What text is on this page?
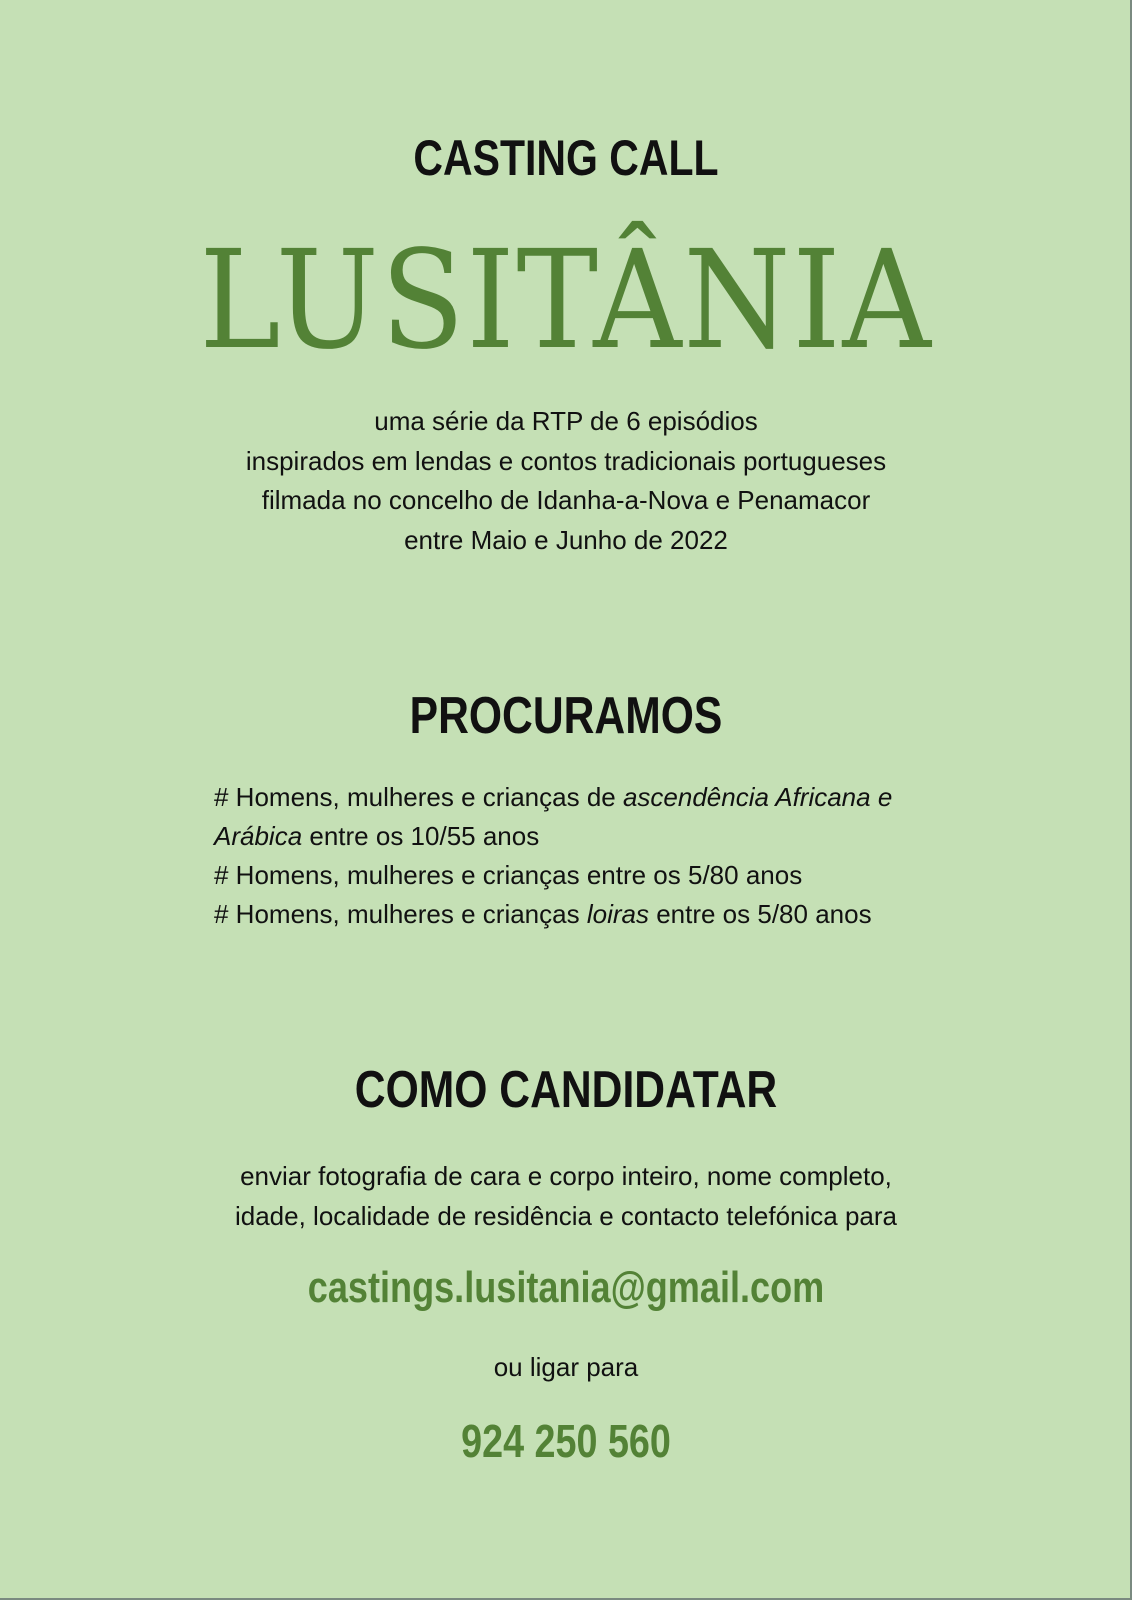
CASTING CALL
LUSITÂNIA
uma série da RTP de 6 episódios
inspirados em lendas e contos tradicionais portugueses
filmada no concelho de Idanha-a-Nova e Penamacor
entre Maio e Junho de 2022
PROCURAMOS
# Homens, mulheres e crianças de ascendência Africana e
Arábica entre os 10/55 anos
# Homens, mulheres e crianças entre os 5/80 anos
# Homens, mulheres e crianças loiras entre os 5/80 anos
COMO CANDIDATAR
enviar fotografia de cara e corpo inteiro, nome completo,
idade, localidade de residência e contacto telefónica para
castings.lusitania@gmail.com
ou ligar para
924 250 560
